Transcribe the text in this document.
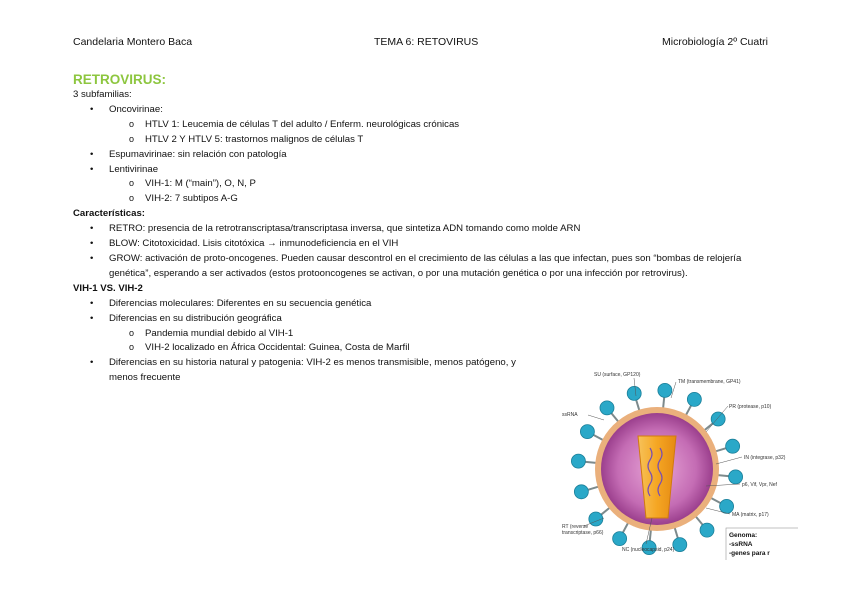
Candelaria Montero Baca	TEMA 6: RETOVIRUS	Microbiología 2º Cuatri
RETROVIRUS:
3 subfamilias:
• Oncovirinae:
o HTLV 1: Leucemia de células T del adulto / Enferm. neurológicas crónicas
o HTLV 2 Y HTLV 5: trastornos malignos de células T
• Espumavirinae: sin relación con patología
• Lentivirinae
o VIH-1: M (“main”), O, N, P
o VIH-2: 7 subtipos A-G
Características:
• RETRO: presencia de la retrotranscriptasa/transcriptasa inversa, que sintetiza ADN tomando como molde ARN
• BLOW: Citotoxicidad. Lisis citotóxica → inmunodeficiencia en el VIH
• GROW: activación de proto-oncogenes. Pueden causar descontrol en el crecimiento de las células a las que infectan, pues son “bombas de relojería genética”, esperando a ser activados (estos protooncogenes se activan, o por una mutación genética o por una infección por retrovirus).
VIH-1 VS. VIH-2
• Diferencias moleculares: Diferentes en su secuencia genética
• Diferencias en su distribución geográfica
o Pandemia mundial debido al VIH-1
o VIH-2 localizado en África Occidental: Guinea, Costa de Marfil
• Diferencias en su historia natural y patogenia: VIH-2 es menos transmisible, menos patógeno, y menos frecuente	SU (surface, GP120)
TM (transmembrane, GP41)
ssRNA
PR (protease, p10)
IN (integrase, p32)
p6, Vif, Vpr, Nef
MA (matrix, p17)
RT (reverse
transcriptase, p66)
NC (nucleocapsid, p24)
Genoma:
-ssRNA
-genes para r
